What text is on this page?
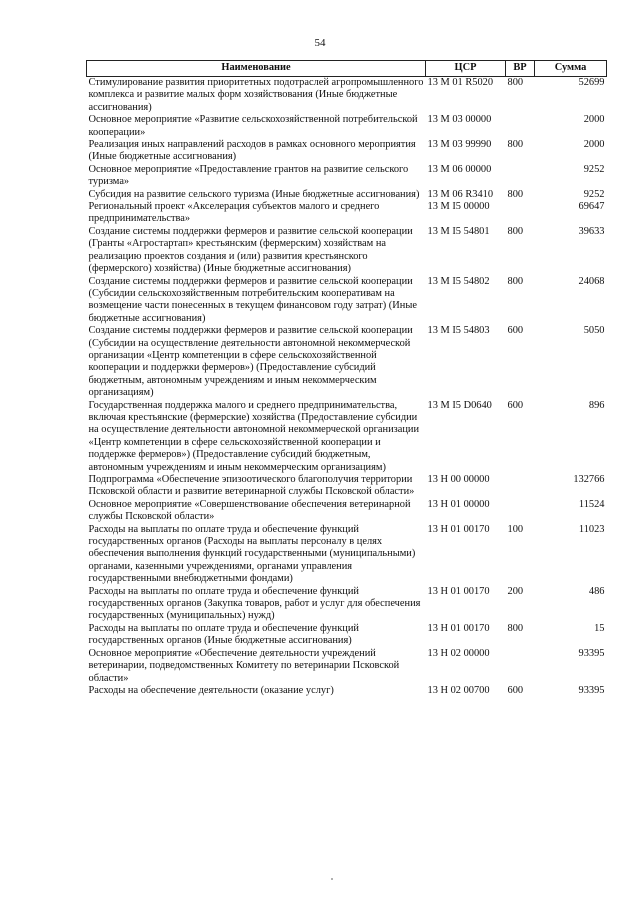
54
Наименование	ЦСР	ВР	Сумма
Стимулирование развития приоритетных подотраслей агропромышленного комплекса и развитие малых форм хозяйствования (Иные бюджетные ассигнования)	13 М 01 R5020	800	52699
Основное мероприятие «Развитие сельскохозяйственной потребительской кооперации»	13 М 03 00000		2000
Реализация иных направлений расходов в рамках основного мероприятия (Иные бюджетные ассигнования)	13 М 03 99990	800	2000
Основное мероприятие «Предоставление грантов на развитие сельского туризма»	13 М 06 00000		9252
Субсидия на развитие сельского туризма (Иные бюджетные ассигнования)	13 М 06 R3410	800	9252
Региональный проект «Акселерация субъектов малого и среднего предпринимательства»	13 М I5 00000		69647
Создание системы поддержки фермеров и развитие сельской кооперации (Гранты «Агростартап» крестьянским (фермерским) хозяйствам на реализацию проектов создания и (или) развития крестьянского (фермерского) хозяйства) (Иные бюджетные ассигнования)	13 М I5 54801	800	39633
Создание системы поддержки фермеров и развитие сельской кооперации (Субсидии сельскохозяйственным потребительским кооперативам на возмещение части понесенных в текущем финансовом году затрат) (Иные бюджетные ассигнования)	13 М I5 54802	800	24068
Создание системы поддержки фермеров и развитие сельской кооперации (Субсидии на осуществление деятельности автономной некоммерческой организации «Центр компетенции в сфере сельскохозяйственной кооперации и поддержки фермеров») (Предоставление субсидий бюджетным, автономным учреждениям и иным некоммерческим организациям)	13 М I5 54803	600	5050
Государственная поддержка малого и среднего предпринимательства, включая крестьянские (фермерские) хозяйства (Предоставление субсидии на осуществление деятельности автономной некоммерческой организации «Центр компетенции в сфере сельскохозяйственной кооперации и поддержке фермеров») (Предоставление субсидий бюджетным, автономным учреждениям и иным некоммерческим организациям)	13 М I5 D0640	600	896
Подпрограмма «Обеспечение эпизоотического благополучия территории Псковской области и развитие ветеринарной службы Псковской области»	13 Н 00 00000		132766
Основное мероприятие «Совершенствование обеспечения ветеринарной службы Псковской области»	13 Н 01 00000		11524
Расходы на выплаты по оплате труда и обеспечение функций государственных органов (Расходы на выплаты персоналу в целях обеспечения выполнения функций государственными (муниципальными) органами, казенными учреждениями, органами управления государственными внебюджетными фондами)	13 Н 01 00170	100	11023
Расходы на выплаты по оплате труда и обеспечение функций государственных органов (Закупка товаров, работ и услуг для обеспечения государственных (муниципальных) нужд)	13 Н 01 00170	200	486
Расходы на выплаты по оплате труда и обеспечение функций государственных органов (Иные бюджетные ассигнования)	13 Н 01 00170	800	15
Основное мероприятие «Обеспечение деятельности учреждений ветеринарии, подведомственных Комитету по ветеринарии Псковской области»	13 Н 02 00000		93395
Расходы на обеспечение деятельности (оказание услуг)	13 Н 02 00700	600	93395
